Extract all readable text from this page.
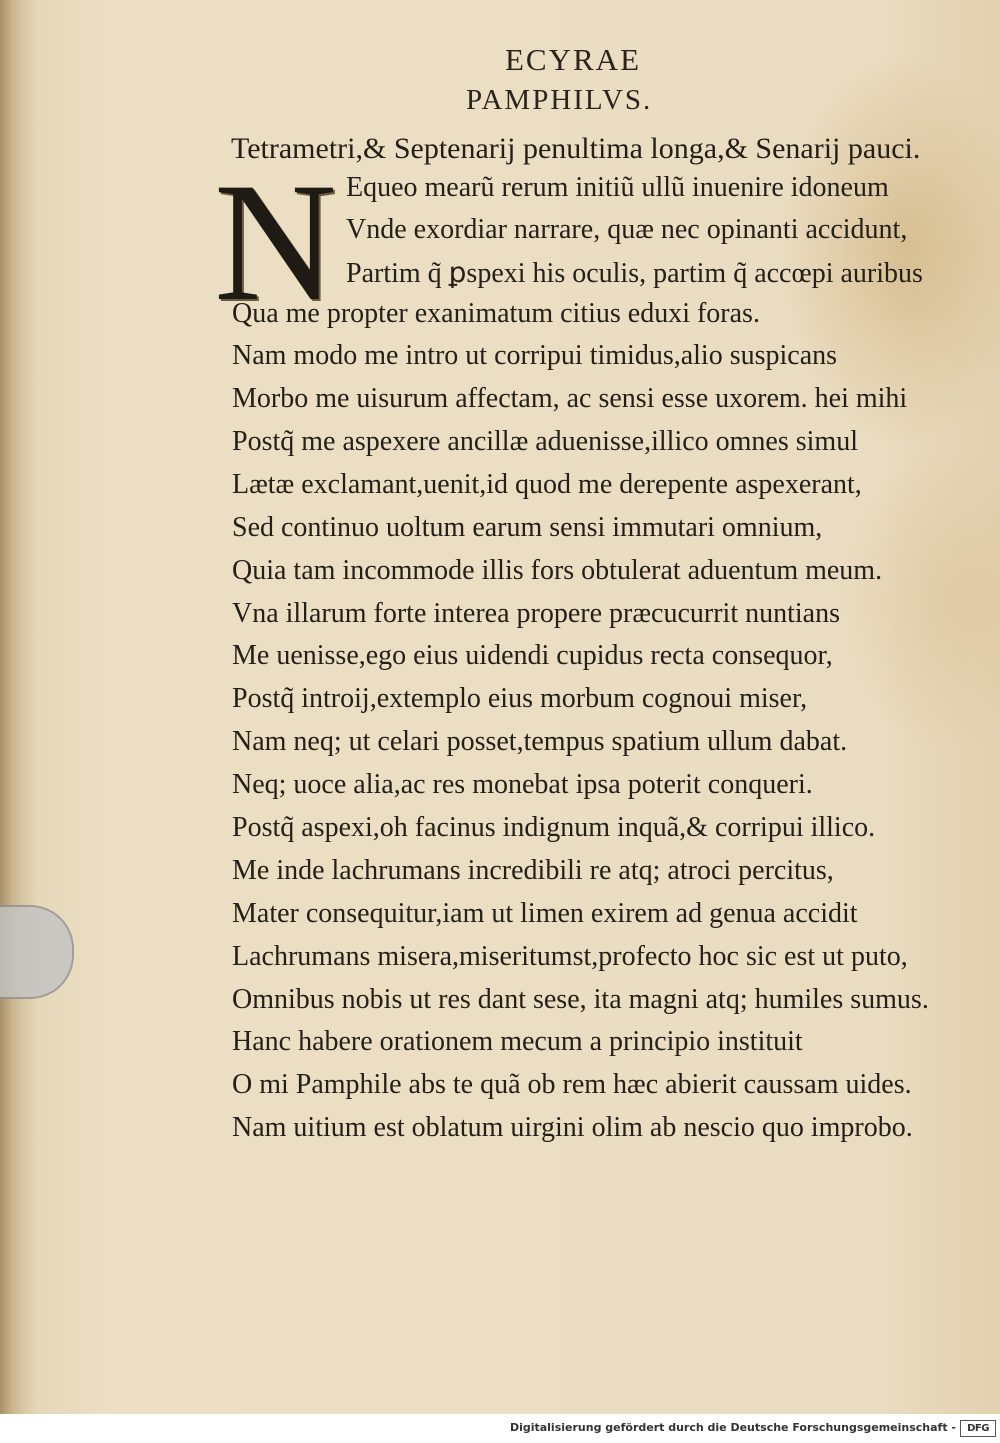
ECYRAE
PAMPHILVS.
Tetrametri,& Septenarij penultima longa,& Senarij pauci.
N Equeo mearũ rerum initiũ ullũ inuenire idoneum
Vnde exordiar narrare, quæ nec opinanti accidunt,
Partim q̃ ꝑspexi his oculis, partim q̃ accœpi auribus
Qua me propter exanimatum citius eduxi foras.
Nam modo me intro ut corripui timidus,alio suspicans
Morbo me uisurum affectam, ac sensi esse uxorem. hei mihi
Postq̃ me aspexere ancillæ aduenisse,illico omnes simul
Lætæ exclamant,uenit,id quod me derepente aspexerant,
Sed continuo uoltum earum sensi immutari omnium,
Quia tam incommode illis fors obtulerat aduentum meum.
Vna illarum forte interea propere præcucurrit nuntians
Me uenisse,ego eius uidendi cupidus recta consequor,
Postq̃ introij,extemplo eius morbum cognoui miser,
Nam neq; ut celari posset,tempus spatium ullum dabat.
Neq; uoce alia,ac res monebat ipsa poterit conqueri.
Postq̃ aspexi,oh facinus indignum inquã,& corripui illico.
Me inde lachrumans incredibili re atq; atroci percitus,
Mater consequitur,iam ut limen exirem ad genua accidit
Lachrumans misera,miseritumst,profecto hoc sic est ut puto,
Omnibus nobis ut res dant sese, ita magni atq; humiles sumus.
Hanc habere orationem mecum a principio instituit
O mi Pamphile abs te quã ob rem hæc abierit caussam uides.
Nam uitium est oblatum uirgini olim ab nescio quo improbo.
Digitalisierung gefördert durch die Deutsche Forschungsgemeinschaft -	DFG
